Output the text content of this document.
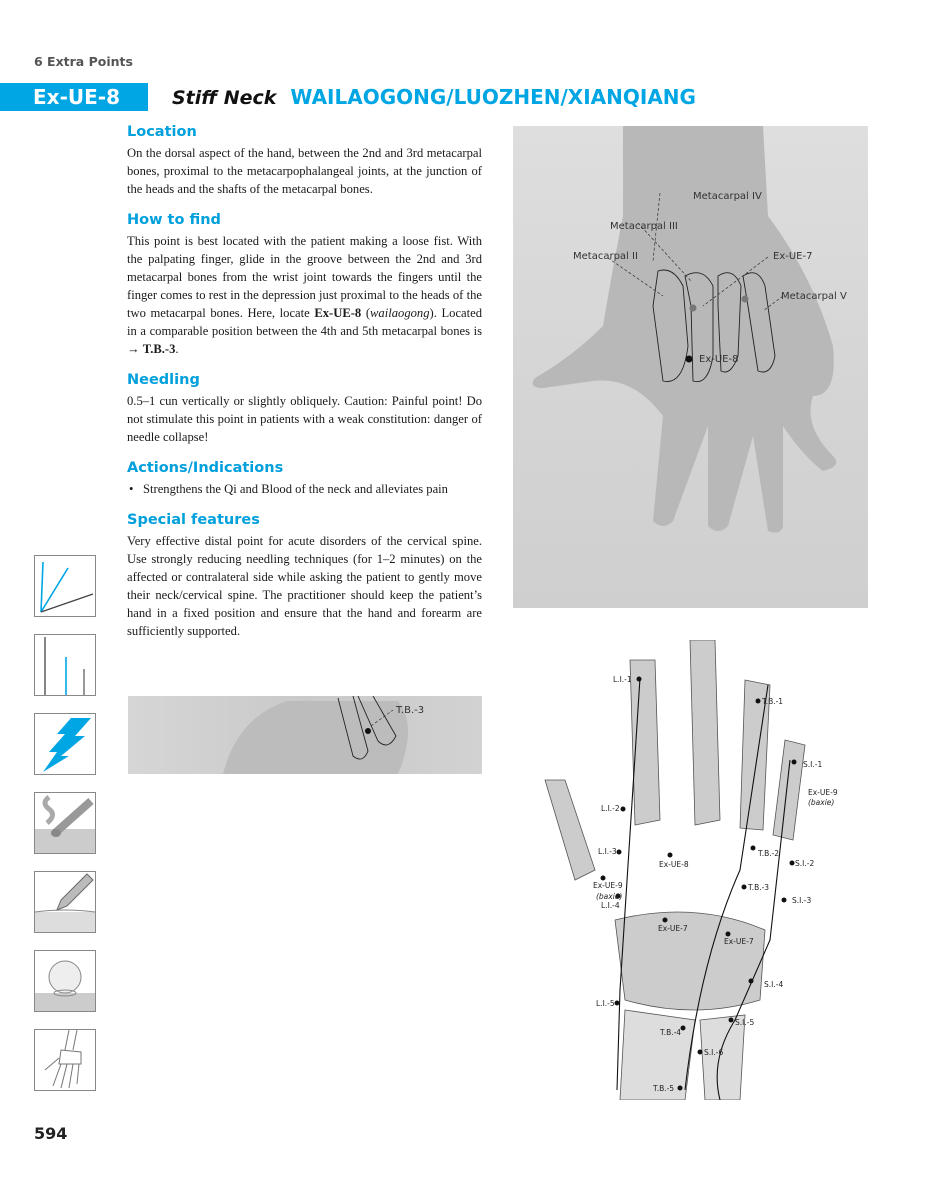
6 Extra Points
Ex-UE-8	Stiff Neck WAILAOGONG/LUOZHEN/XIANQIANG
Location

On the dorsal aspect of the hand, between the 2nd and 3rd metacarpal bones, proximal to the metacarpophalangeal joints, at the junction of the heads and the shafts of the metacarpal bones.

How to find

This point is best located with the patient making a loose fist. With the palpating finger, glide in the groove between the 2nd and 3rd metacarpal bones from the wrist joint towards the fingers until the finger comes to rest in the depression just proximal to the heads of the two metacarpal bones. Here, locate Ex-UE-8 (wailaogong). Located in a comparable position between the 4th and 5th metacarpal bones is → T.B.-3.

Needling

0.5–1 cun vertically or slightly obliquely. Caution: Painful point! Do not stimulate this point in patients with a weak constitution: danger of needle collapse!

Actions/Indications
• Strengthens the Qi and Blood of the neck and alleviates pain
Special features

Very effective distal point for acute disorders of the cervical spine. Use strongly reducing needling techniques (for 1–2 minutes) on the affected or contralateral side while asking the patient to gently move their neck/cervical spine. The practitioner should keep the patient’s hand in a fixed position and ensure that the hand and forearm are sufficiently supported.

Metacarpal IV
Metacarpal III
Metacarpal II	Ex-UE-7
Metacarpal V
Ex-UE-8
T.B.-3
L.I.-1
T.B.-1
S.I.-1
Ex-UE-9
(baxie)
L.I.-2
L.I.-3
Ex-UE-8
T.B.-2
S.I.-2
Ex-UE-9
(baxie)
L.I.-4
T.B.-3
S.I.-3
Ex-UE-7
Ex-UE-7
S.I.-4
L.I.-5
S.I.-5
T.B.-4
S.I.-6
T.B.-5
594
